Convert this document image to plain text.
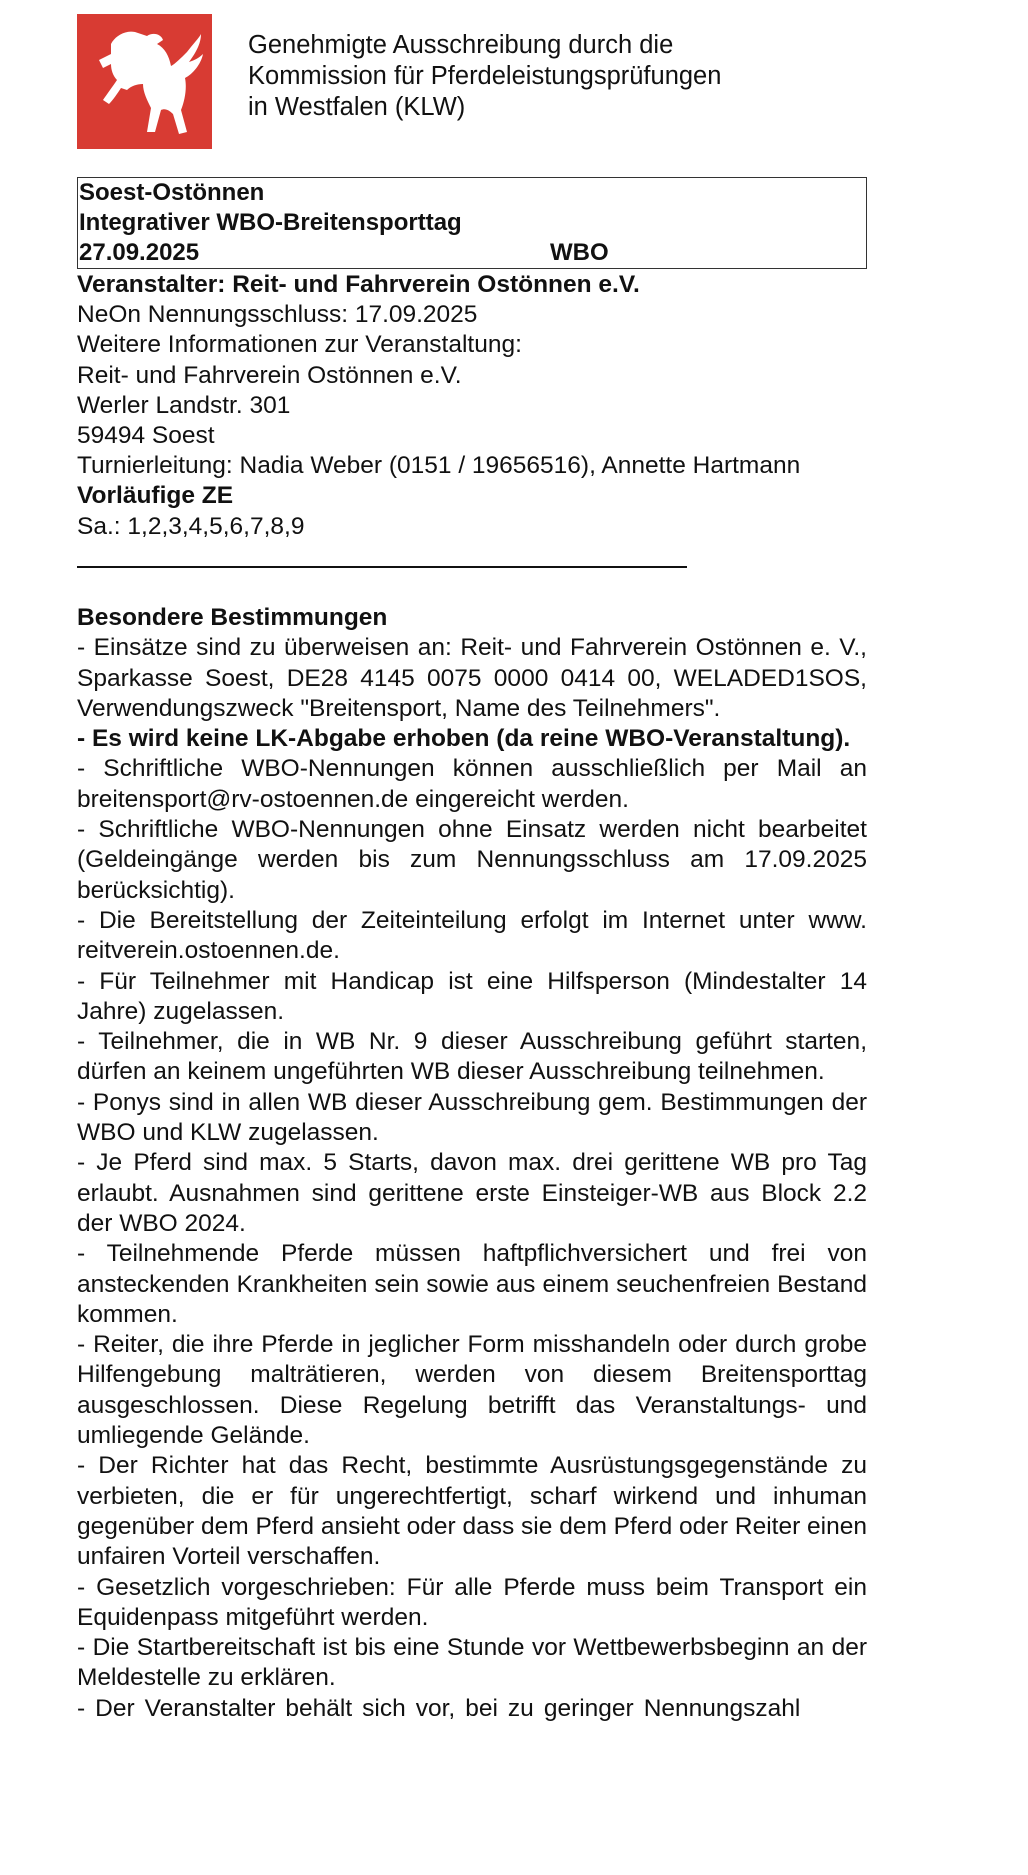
Genehmigte Ausschreibung durch die
Kommission für Pferdeleistungsprüfungen
in Westfalen (KLW)
Soest-Ostönnen
Integrativer WBO-Breitensporttag
27.09.2025	WBO
Veranstalter: Reit- und Fahrverein Ostönnen e.V.
NeOn Nennungsschluss: 17.09.2025
Weitere Informationen zur Veranstaltung:
Reit- und Fahrverein Ostönnen e.V.
Werler Landstr. 301
59494 Soest
Turnierleitung: Nadia Weber (0151 / 19656516), Annette Hartmann
Vorläufige ZE
Sa.: 1,2,3,4,5,6,7,8,9
Besondere Bestimmungen

- Einsätze sind zu überweisen an: Reit- und Fahrverein Ostönnen e. V., Sparkasse Soest, DE28 4145 0075 0000 0414 00, WELADED1SOS, Verwendungszweck "Breitensport, Name des Teilnehmers".

- Es wird keine LK-Abgabe erhoben (da reine WBO-Veranstaltung).

- Schriftliche WBO-Nennungen können ausschließlich per Mail an breitensport@rv-ostoennen.de eingereicht werden.

- Schriftliche WBO-Nennungen ohne Einsatz werden nicht bearbeitet (Geldeingänge werden bis zum Nennungsschluss am 17.09.2025 berücksichtig).

- Die Bereitstellung der Zeiteinteilung erfolgt im Internet unter www. reitverein.ostoennen.de.

- Für Teilnehmer mit Handicap ist eine Hilfsperson (Mindestalter 14 Jahre) zugelassen.

- Teilnehmer, die in WB Nr. 9 dieser Ausschreibung geführt starten, dürfen an keinem ungeführten WB dieser Ausschreibung teilnehmen.

- Ponys sind in allen WB dieser Ausschreibung gem. Bestimmungen der WBO und KLW zugelassen.

- Je Pferd sind max. 5 Starts, davon max. drei gerittene WB pro Tag erlaubt. Ausnahmen sind gerittene erste Einsteiger-WB aus Block 2.2 der WBO 2024.

- Teilnehmende Pferde müssen haftpflichversichert und frei von ansteckenden Krankheiten sein sowie aus einem seuchenfreien Bestand kommen.

- Reiter, die ihre Pferde in jeglicher Form misshandeln oder durch grobe Hilfengebung malträtieren, werden von diesem Breitensporttag ausgeschlossen. Diese Regelung betrifft das Veranstaltungs- und umliegende Gelände.

- Der Richter hat das Recht, bestimmte Ausrüstungsgegenstände zu verbieten, die er für ungerechtfertigt, scharf wirkend und inhuman gegenüber dem Pferd ansieht oder dass sie dem Pferd oder Reiter einen unfairen Vorteil verschaffen.

- Gesetzlich vorgeschrieben: Für alle Pferde muss beim Transport ein Equidenpass mitgeführt werden.

- Die Startbereitschaft ist bis eine Stunde vor Wettbewerbsbeginn an der Meldestelle zu erklären.

- Der Veranstalter behält sich vor, bei zu geringer Nennungszahl
